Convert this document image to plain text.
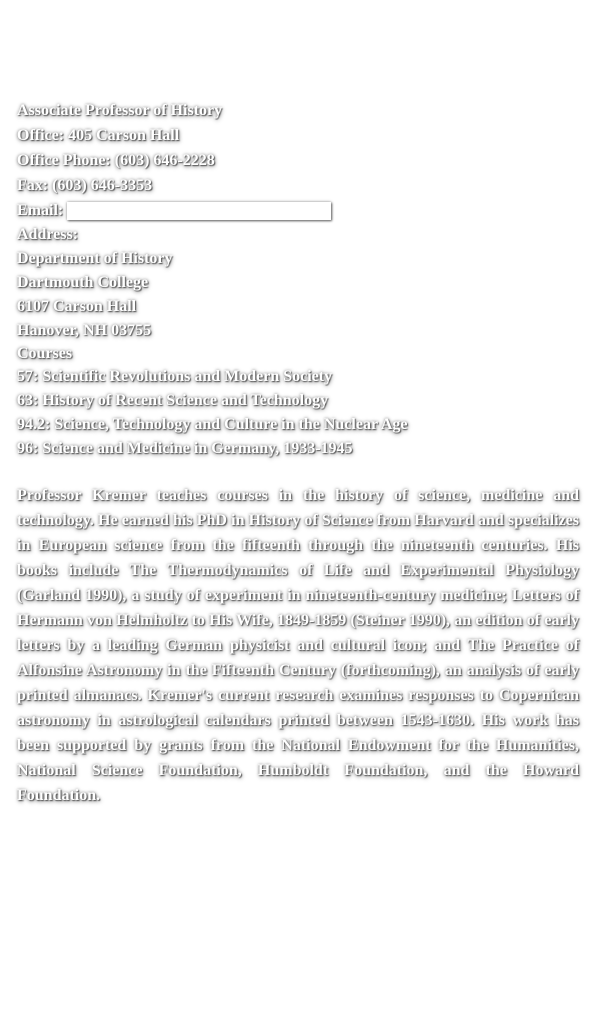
Associate Professor of History
Office: 405 Carson Hall
Office Phone: (603) 646-2228
Fax: (603) 646-3353
Email:
Address:
Department of History
Dartmouth College
6107 Carson Hall
Hanover, NH 03755
Courses
57: Scientific Revolutions and Modern Society
63: History of Recent Science and Technology
94.2: Science, Technology and Culture in the Nuclear Age
96: Science and Medicine in Germany, 1933-1945

Professor Kremer teaches courses in the history of science, medicine and technology. He earned his PhD in History of Science from Harvard and specializes in European science from the fifteenth through the nineteenth centuries. His books include The Thermodynamics of Life and Experimental Physiology (Garland 1990), a study of experiment in nineteenth-century medicine; Letters of Hermann von Helmholtz to His Wife, 1849-1859 (Steiner 1990), an edition of early letters by a leading German physicist and cultural icon; and The Practice of Alfonsine Astronomy in the Fifteenth Century (forthcoming), an analysis of early printed almanacs. Kremer's current research examines responses to Copernican astronomy in astrological calendars printed between 1543-1630. His work has been supported by grants from the National Endowment for the Humanities, National Science Foundation, Humboldt Foundation, and the Howard Foundation.
